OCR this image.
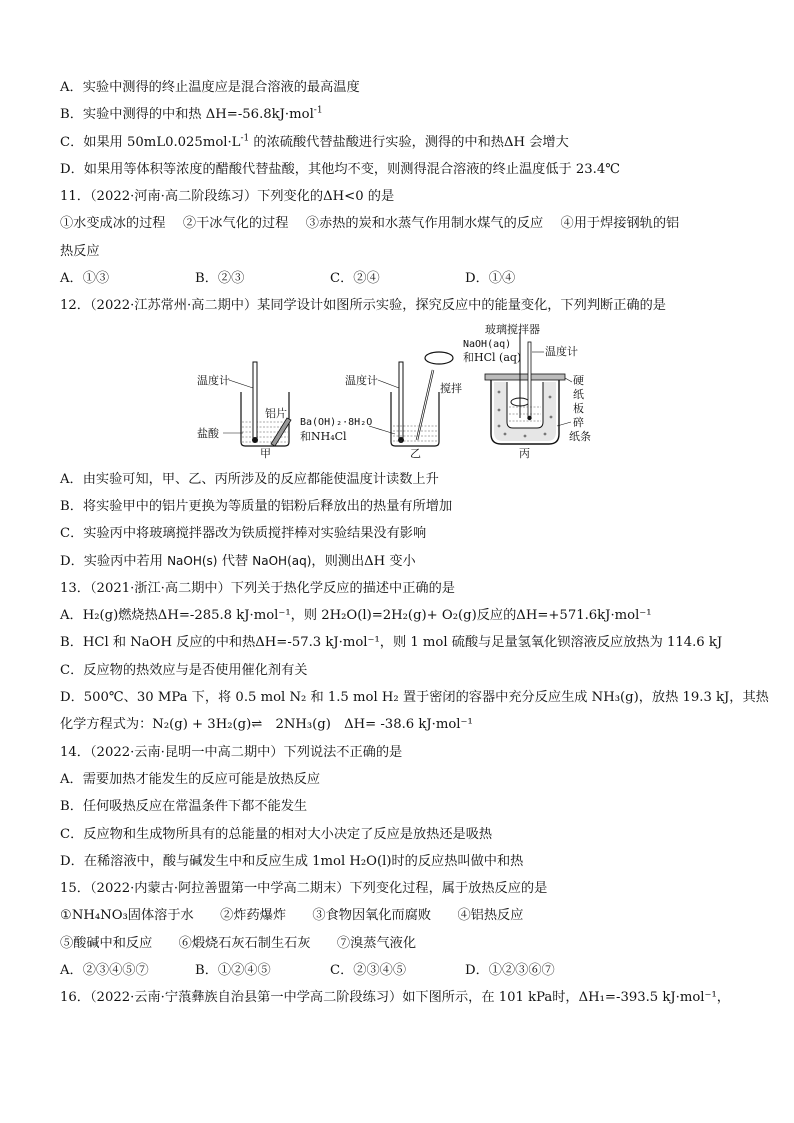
A．实验中测得的终止温度应是混合溶液的最高温度
B．实验中测得的中和热 ΔH=-56.8kJ·mol$^{-1}$
C．如果用 $50mL0.025mol\cdot L^{-1}$ 的浓硫酸代替盐酸进行实验，测得的中和热ΔH 会增大
D．如果用等体积等浓度的醋酸代替盐酸，其他均不变，则测得混合溶液的终止温度低于 23.4℃
11．（2022·河南·高二阶段练习）下列变化的ΔH<0 的是
①水变成冰的过程　 ②干冰气化的过程　 ③赤热的炭和水蒸气作用制水煤气的反应　 ④用于焊接钢轨的铝
热反应
A．①③	B．②③	C．②④	D．①④
12．（2022·江苏常州·高二期中）某同学设计如图所示实验，探究反应中的能量变化，下列判断正确的是
温度计
铝片
盐酸
甲
温度计
搅拌
Ba(OH)₂·8H₂O
和NH₄Cl
乙
玻璃搅拌器
NaOH(aq)
和HCl (aq) 温度计
硬
纸
板
碎
纸条
丙
A．由实验可知，甲、乙、丙所涉及的反应都能使温度计读数上升
B．将实验甲中的铝片更换为等质量的铝粉后释放出的热量有所增加
C．实验丙中将玻璃搅拌器改为铁质搅拌棒对实验结果没有影响
D．实验丙中若用 NaOH(s) 代替 NaOH(aq)，则测出ΔH 变小
13．（2021·浙江·高二期中）下列关于热化学反应的描述中正确的是
A．H₂(g)燃烧热ΔH=-285.8 kJ·mol⁻¹，则 2H₂O(l)=2H₂(g)+ O₂(g)反应的ΔH=+571.6kJ·mol⁻¹
B．HCl 和 NaOH 反应的中和热ΔH=-57.3 kJ·mol⁻¹，则 1 mol 硫酸与足量氢氧化钡溶液反应放热为 114.6 kJ
C．反应物的热效应与是否使用催化剂有关
D．500℃、30 MPa 下，将 0.5 mol N₂ 和 1.5 mol H₂ 置于密闭的容器中充分反应生成 NH₃(g)，放热 19.3 kJ，其热
化学方程式为：N₂(g) + 3H₂(g)⇌　2NH₃(g)　ΔH= -38.6 kJ·mol⁻¹
14．（2022·云南·昆明一中高二期中）下列说法不正确的是
A．需要加热才能发生的反应可能是放热反应
B．任何吸热反应在常温条件下都不能发生
C．反应物和生成物所具有的总能量的相对大小决定了反应是放热还是吸热
D．在稀溶液中，酸与碱发生中和反应生成 1mol H₂O(l)时的反应热叫做中和热
15．（2022·内蒙古·阿拉善盟第一中学高二期末）下列变化过程，属于放热反应的是
①NH₄NO₃固体溶于水　　②炸药爆炸　　③食物因氧化而腐败　　④铝热反应
⑤酸碱中和反应　　⑥煅烧石灰石制生石灰　　⑦溴蒸气液化
A．②③④⑤⑦	B．①②④⑤	C．②③④⑤	D．①②③⑥⑦
16．（2022·云南·宁蒗彝族自治县第一中学高二阶段练习）如下图所示，在 101 kPa时，ΔH₁=-393.5 kJ·mol⁻¹，
